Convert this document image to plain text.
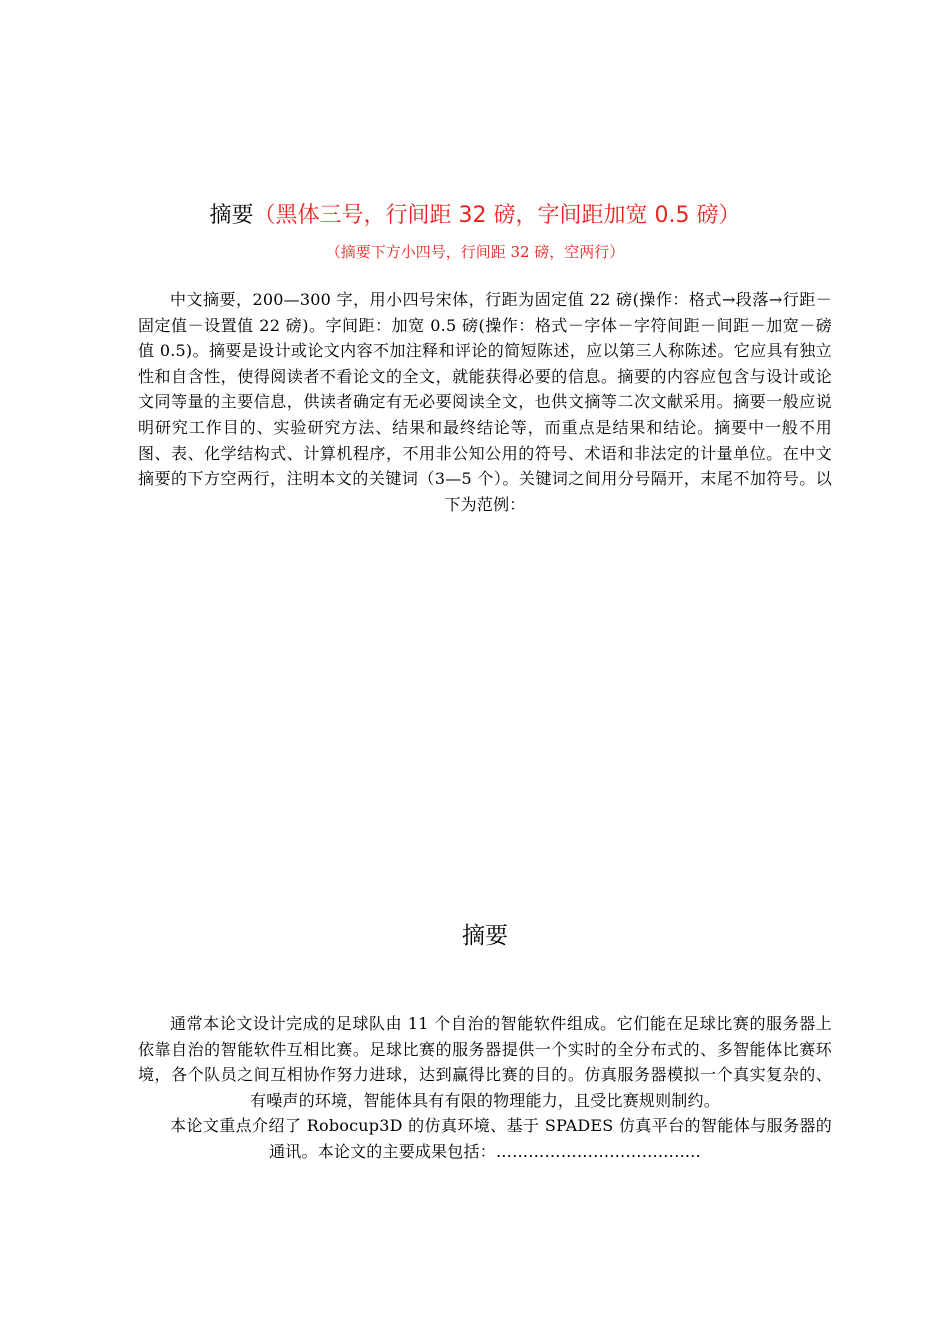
摘要（黑体三号，行间距 32 磅，字间距加宽 0.5 磅）
（摘要下方小四号，行间距 32 磅，空两行）

中文摘要，200—300 字，用小四号宋体，行距为固定值 22 磅(操作：格式→段落→行距－固定值－设置值 22 磅)。字间距：加宽 0.5 磅(操作：格式－字体－字符间距－间距－加宽－磅值 0.5)。摘要是设计或论文内容不加注释和评论的简短陈述，应以第三人称陈述。它应具有独立性和自含性，使得阅读者不看论文的全文，就能获得必要的信息。摘要的内容应包含与设计或论文同等量的主要信息，供读者确定有无必要阅读全文，也供文摘等二次文献采用。摘要一般应说明研究工作目的、实验研究方法、结果和最终结论等，而重点是结果和结论。摘要中一般不用图、表、化学结构式、计算机程序，不用非公知公用的符号、术语和非法定的计量单位。在中文摘要的下方空两行，注明本文的关键词（3—5 个）。关键词之间用分号隔开，末尾不加符号。以下为范例：

摘要

通常本论文设计完成的足球队由 11 个自治的智能软件组成。它们能在足球比赛的服务器上依靠自治的智能软件互相比赛。足球比赛的服务器提供一个实时的全分布式的、多智能体比赛环境，各个队员之间互相协作努力进球，达到赢得比赛的目的。仿真服务器模拟一个真实复杂的、有噪声的环境，智能体具有有限的物理能力，且受比赛规则制约。

本论文重点介绍了 Robocup3D 的仿真环境、基于 SPADES 仿真平台的智能体与服务器的通讯。本论文的主要成果包括：………………………………..
